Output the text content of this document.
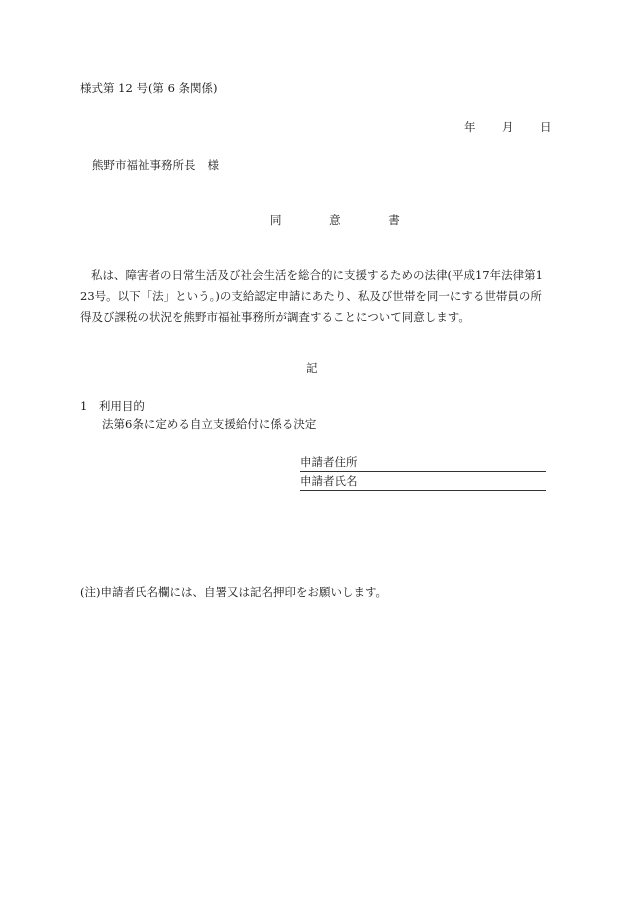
様式第 12 号(第 6 条関係)
年 月 日
熊野市福祉事務所長 様
同 意 書

私は、障害者の日常生活及び社会生活を総合的に支援するための法律(平成17年法律第1

23号。以下「法」という。)の支給認定申請にあたり、私及び世帯を同一にする世帯員の所
得及び課税の状況を熊野市福祉事務所が調査することについて同意します。
記
1　利用目的
法第6条に定める自立支援給付に係る決定
申請者住所
申請者氏名
(注)申請者氏名欄には、自署又は記名押印をお願いします。
